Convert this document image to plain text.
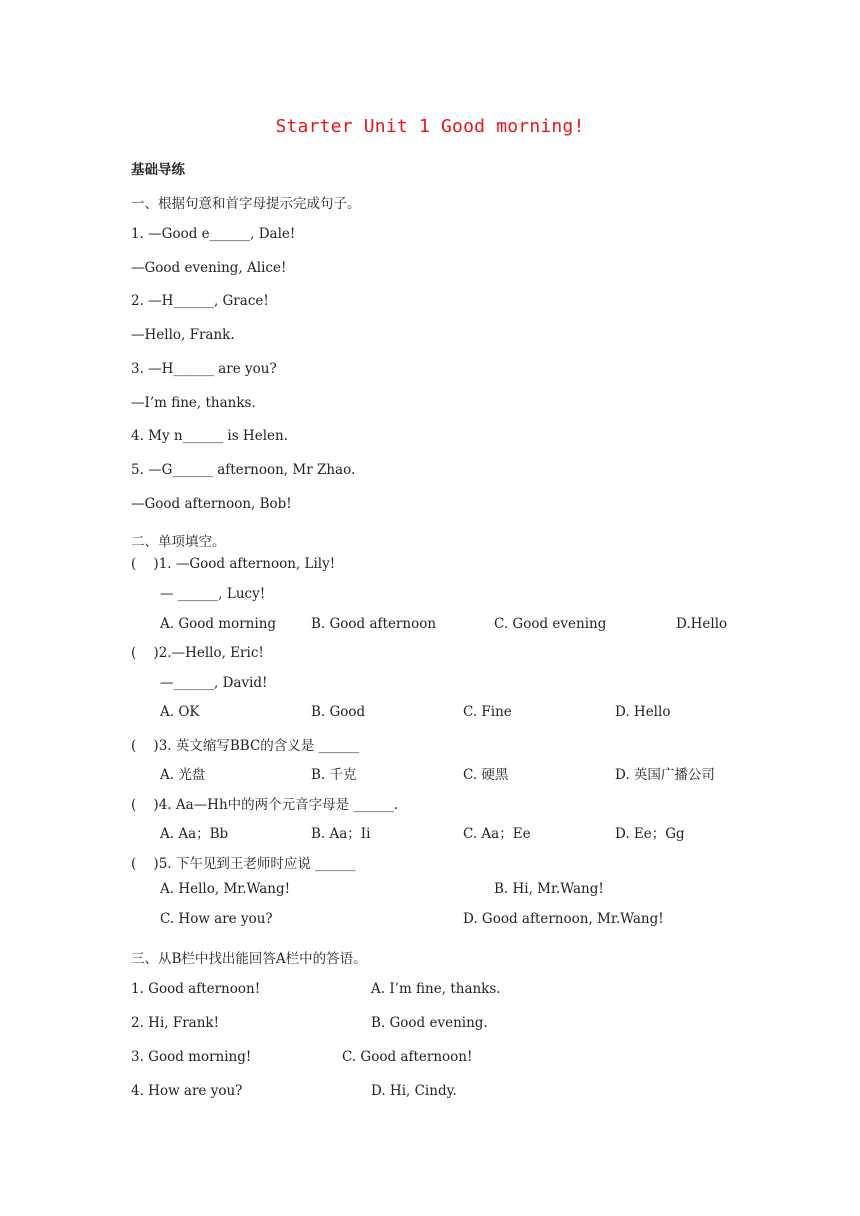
Starter Unit 1 Good morning!
基础导练
一、根据句意和首字母提示完成句子。
1. —Good e______, Dale!
—Good evening, Alice!
2. —H______, Grace!
—Hello, Frank.
3. —H______ are you?
—I’m fine, thanks.
4. My n______ is Helen.
5. —G______ afternoon, Mr Zhao.
—Good afternoon, Bob!
二、单项填空。
(    )1. —Good afternoon, Lily!
— ______, Lucy!
A. Good morning	B. Good afternoon	C. Good evening	D.Hello
(    )2.—Hello, Eric!
—______, David!
A. OK	B. Good	C. Fine	D. Hello
(    )3. 英文缩写BBC的含义是 ______
A. 光盘	B. 千克	C. 硬黑	D. 英国广播公司
(    )4. Aa—Hh中的两个元音字母是 ______.
A. Aa；Bb	B. Aa；Ii	C. Aa；Ee	D. Ee；Gg
(    )5. 下午见到王老师时应说 ______
A. Hello, Mr.Wang!	B. Hi, Mr.Wang!
C. How are you?	D. Good afternoon, Mr.Wang!
三、从B栏中找出能回答A栏中的答语。
1. Good afternoon!	A. I’m fine, thanks.
2. Hi, Frank!	B. Good evening.
3. Good morning!	C. Good afternoon!
4. How are you?	D. Hi, Cindy.
